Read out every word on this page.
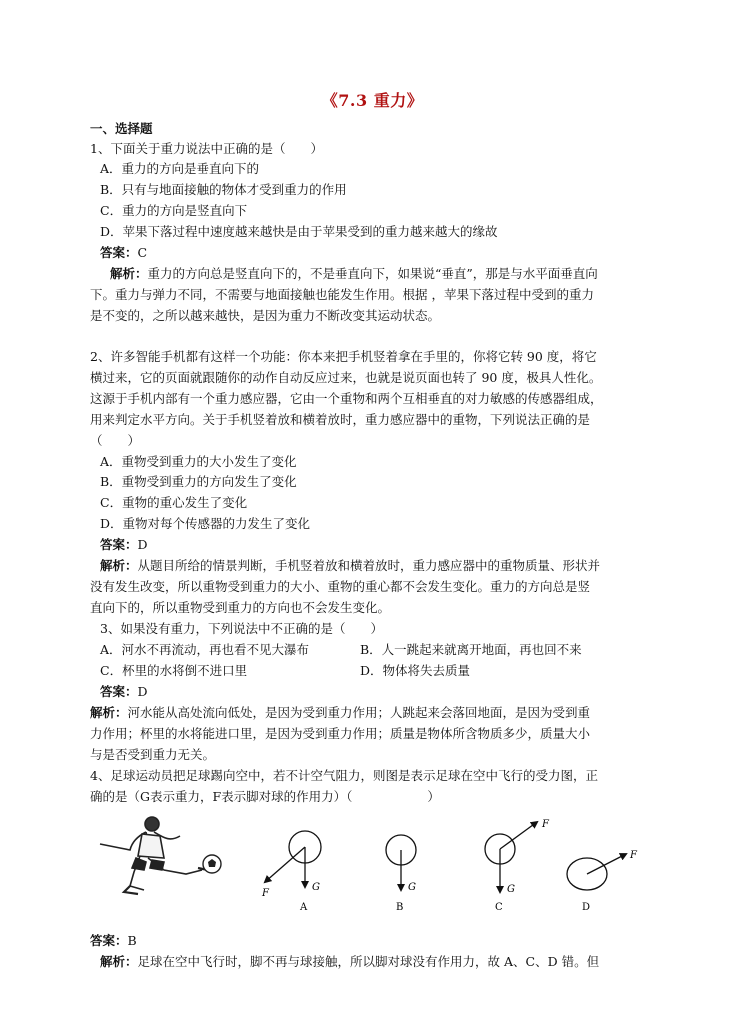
《7.3 重力》
一、选择题
1、下面关于重力说法中正确的是（　　）
A．重力的方向是垂直向下的
B．只有与地面接触的物体才受到重力的作用
C．重力的方向是竖直向下
D．苹果下落过程中速度越来越快是由于苹果受到的重力越来越大的缘故
答案：C
解析：重力的方向总是竖直向下的，不是垂直向下，如果说“垂直”，那是与水平面垂直向
下。重力与弹力不同，不需要与地面接触也能发生作用。根据 ，苹果下落过程中受到的重力
是不变的，之所以越来越快，是因为重力不断改变其运动状态。
2、许多智能手机都有这样一个功能：你本来把手机竖着拿在手里的，你将它转 90 度，将它
横过来，它的页面就跟随你的动作自动反应过来，也就是说页面也转了 90 度，极具人性化。
这源于手机内部有一个重力感应器，它由一个重物和两个互相垂直的对力敏感的传感器组成，
用来判定水平方向。关于手机竖着放和横着放时，重力感应器中的重物，下列说法正确的是
（　　）
A．重物受到重力的大小发生了变化
B．重物受到重力的方向发生了变化
C．重物的重心发生了变化
D．重物对每个传感器的力发生了变化
答案：D
解析：从题目所给的情景判断，手机竖着放和横着放时，重力感应器中的重物质量、形状并
没有发生改变，所以重物受到重力的大小、重物的重心都不会发生变化。重力的方向总是竖
直向下的，所以重物受到重力的方向也不会发生变化。
3、如果没有重力，下列说法中不正确的是（　　）
A．河水不再流动，再也看不见大瀑布	B．人一跳起来就离开地面，再也回不来
C．杯里的水将倒不进口里	D．物体将失去质量
答案：D
解析：河水能从高处流向低处，是因为受到重力作用；人跳起来会落回地面，是因为受到重
力作用；杯里的水将能进口里，是因为受到重力作用；质量是物体所含物质多少，质量大小
与是否受到重力无关。
4、足球运动员把足球踢向空中，若不计空气阻力，则图是表示足球在空中飞行的受力图，正
确的是（G表示重力，F表示脚对球的作用力）（　　　　　　）
G
F
A
G
B
G
F
C
F
D
答案：B
解析：足球在空中飞行时，脚不再与球接触，所以脚对球没有作用力，故 A、C、D 错。但
